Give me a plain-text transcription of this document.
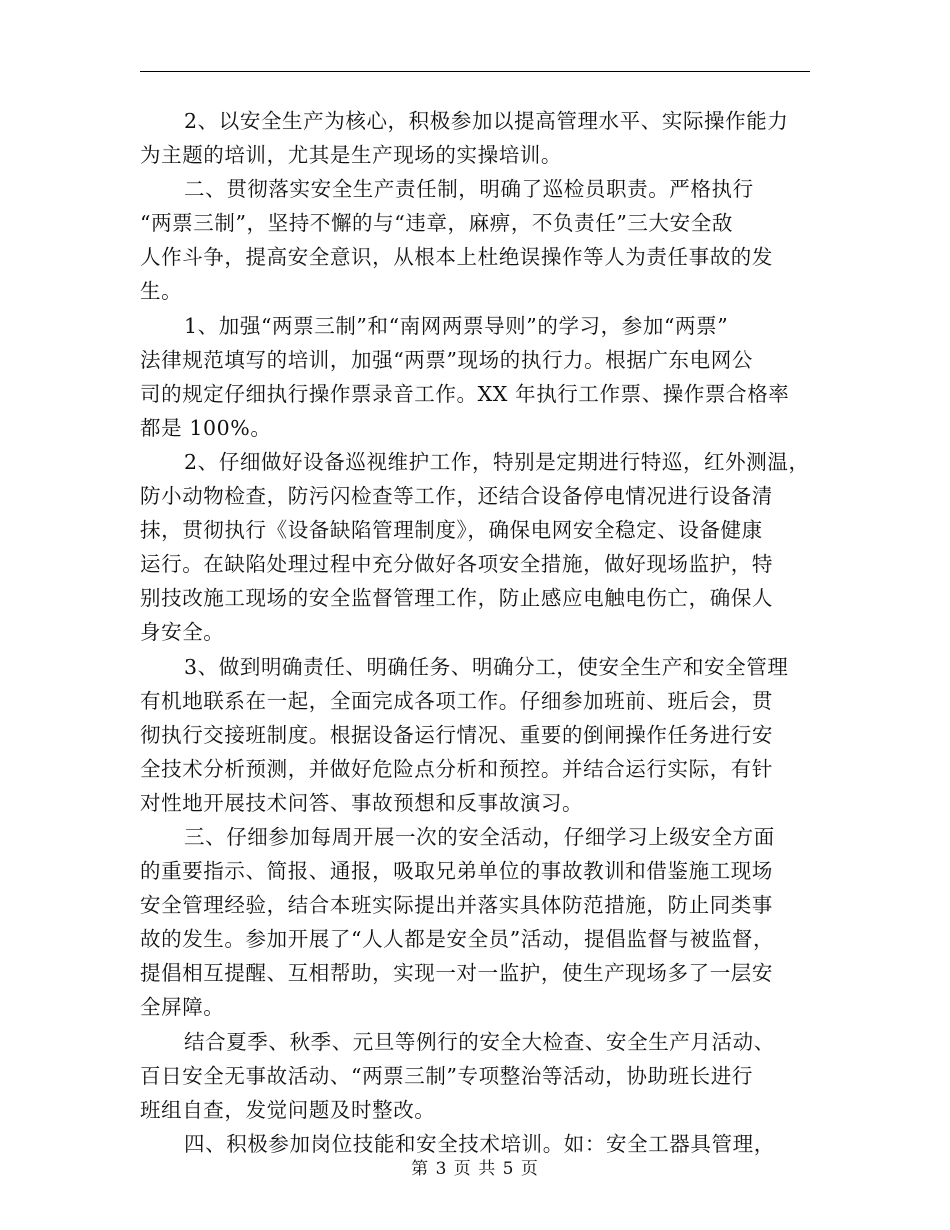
2、以安全生产为核心，积极参加以提高管理水平、实际操作能力
为主题的培训，尤其是生产现场的实操培训。
二、贯彻落实安全生产责任制，明确了巡检员职责。严格执行
“两票三制”，坚持不懈的与“违章，麻痹，不负责任”三大安全敌
人作斗争，提高安全意识，从根本上杜绝误操作等人为责任事故的发
生。
1、加强“两票三制”和“南网两票导则”的学习，参加“两票”
法律规范填写的培训，加强“两票”现场的执行力。根据广东电网公
司的规定仔细执行操作票录音工作。XX 年执行工作票、操作票合格率
都是 100%。
2、仔细做好设备巡视维护工作，特别是定期进行特巡，红外测温，
防小动物检查，防污闪检查等工作，还结合设备停电情况进行设备清
抹，贯彻执行《设备缺陷管理制度》，确保电网安全稳定、设备健康
运行。在缺陷处理过程中充分做好各项安全措施，做好现场监护，特
别技改施工现场的安全监督管理工作，防止感应电触电伤亡，确保人
身安全。
3、做到明确责任、明确任务、明确分工，使安全生产和安全管理
有机地联系在一起，全面完成各项工作。仔细参加班前、班后会，贯
彻执行交接班制度。根据设备运行情况、重要的倒闸操作任务进行安
全技术分析预测，并做好危险点分析和预控。并结合运行实际，有针
对性地开展技术问答、事故预想和反事故演习。
三、仔细参加每周开展一次的安全活动，仔细学习上级安全方面
的重要指示、简报、通报，吸取兄弟单位的事故教训和借鉴施工现场
安全管理经验，结合本班实际提出并落实具体防范措施，防止同类事
故的发生。参加开展了“人人都是安全员”活动，提倡监督与被监督，
提倡相互提醒、互相帮助，实现一对一监护，使生产现场多了一层安
全屏障。
结合夏季、秋季、元旦等例行的安全大检查、安全生产月活动、
百日安全无事故活动、“两票三制”专项整治等活动，协助班长进行
班组自查，发觉问题及时整改。
四、积极参加岗位技能和安全技术培训。如：安全工器具管理，
第 3 页 共 5 页
